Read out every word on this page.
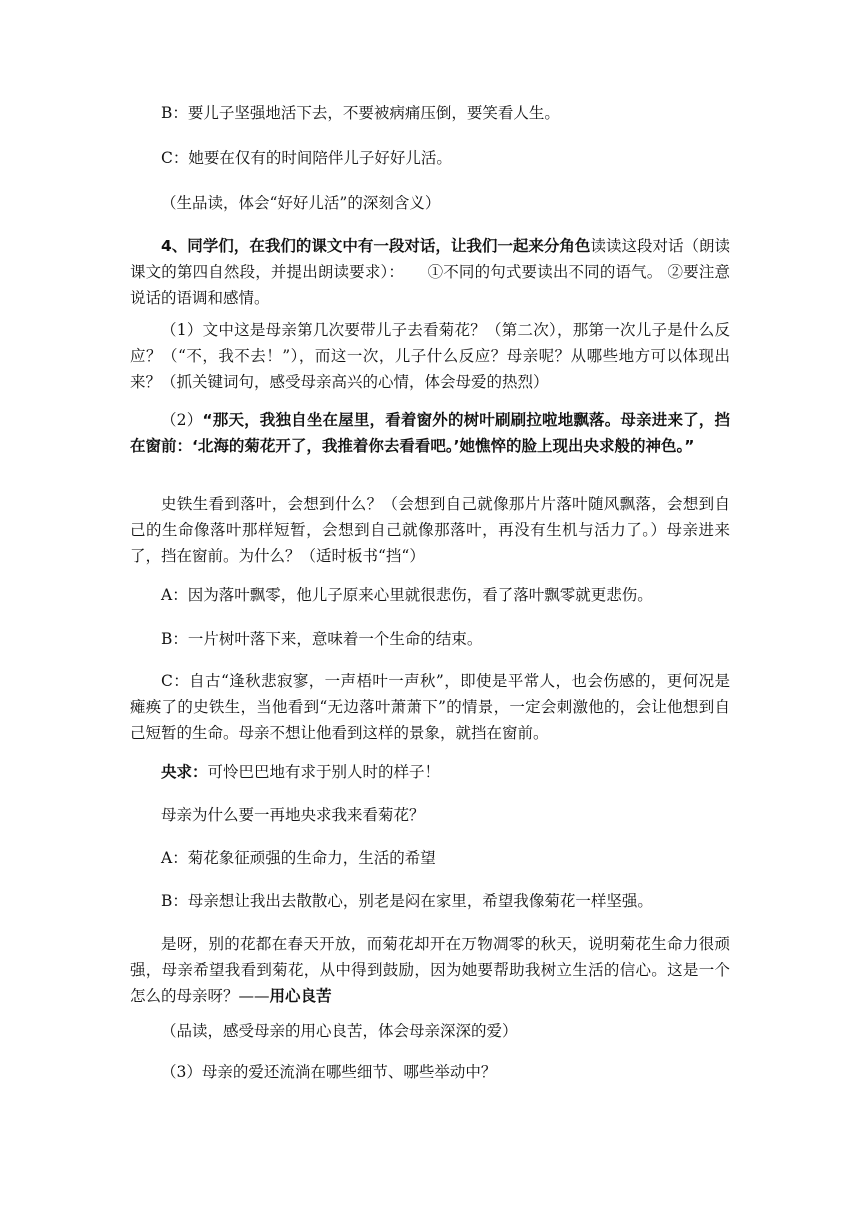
B：要儿子坚强地活下去，不要被病痛压倒，要笑看人生。

C：她要在仅有的时间陪伴儿子好好儿活。

（生品读，体会“好好儿活”的深刻含义）

4、同学们，在我们的课文中有一段对话，让我们一起来分角色读读这段对话（朗读课文的第四自然段，并提出朗读要求）：　　①不同的句式要读出不同的语气。 ②要注意说话的语调和感情。

（1）文中这是母亲第几次要带儿子去看菊花？（第二次），那第一次儿子是什么反应？（“不，我不去！”），而这一次，儿子什么反应？母亲呢？从哪些地方可以体现出来？（抓关键词句，感受母亲高兴的心情，体会母爱的热烈）

（2）“那天，我独自坐在屋里，看着窗外的树叶刷刷拉啦地飘落。母亲进来了，挡在窗前：‘北海的菊花开了，我推着你去看看吧。’她憔悴的脸上现出央求般的神色。”

史铁生看到落叶，会想到什么？（会想到自己就像那片片落叶随风飘落，会想到自己的生命像落叶那样短暂，会想到自己就像那落叶，再没有生机与活力了。）母亲进来了，挡在窗前。为什么？（适时板书“挡“）

A：因为落叶飘零，他儿子原来心里就很悲伤，看了落叶飘零就更悲伤。

B：一片树叶落下来，意味着一个生命的结束。

C：自古“逢秋悲寂寥，一声梧叶一声秋”，即使是平常人，也会伤感的，更何况是瘫痪了的史铁生，当他看到“无边落叶萧萧下”的情景，一定会刺激他的，会让他想到自己短暂的生命。母亲不想让他看到这样的景象，就挡在窗前。

央求：可怜巴巴地有求于别人时的样子！

母亲为什么要一再地央求我来看菊花？

A：菊花象征顽强的生命力，生活的希望

B：母亲想让我出去散散心，别老是闷在家里，希望我像菊花一样坚强。

是呀，别的花都在春天开放，而菊花却开在万物凋零的秋天，说明菊花生命力很顽强，母亲希望我看到菊花，从中得到鼓励，因为她要帮助我树立生活的信心。这是一个怎么的母亲呀？——用心良苦

（品读，感受母亲的用心良苦，体会母亲深深的爱）

（3）母亲的爱还流淌在哪些细节、哪些举动中？
